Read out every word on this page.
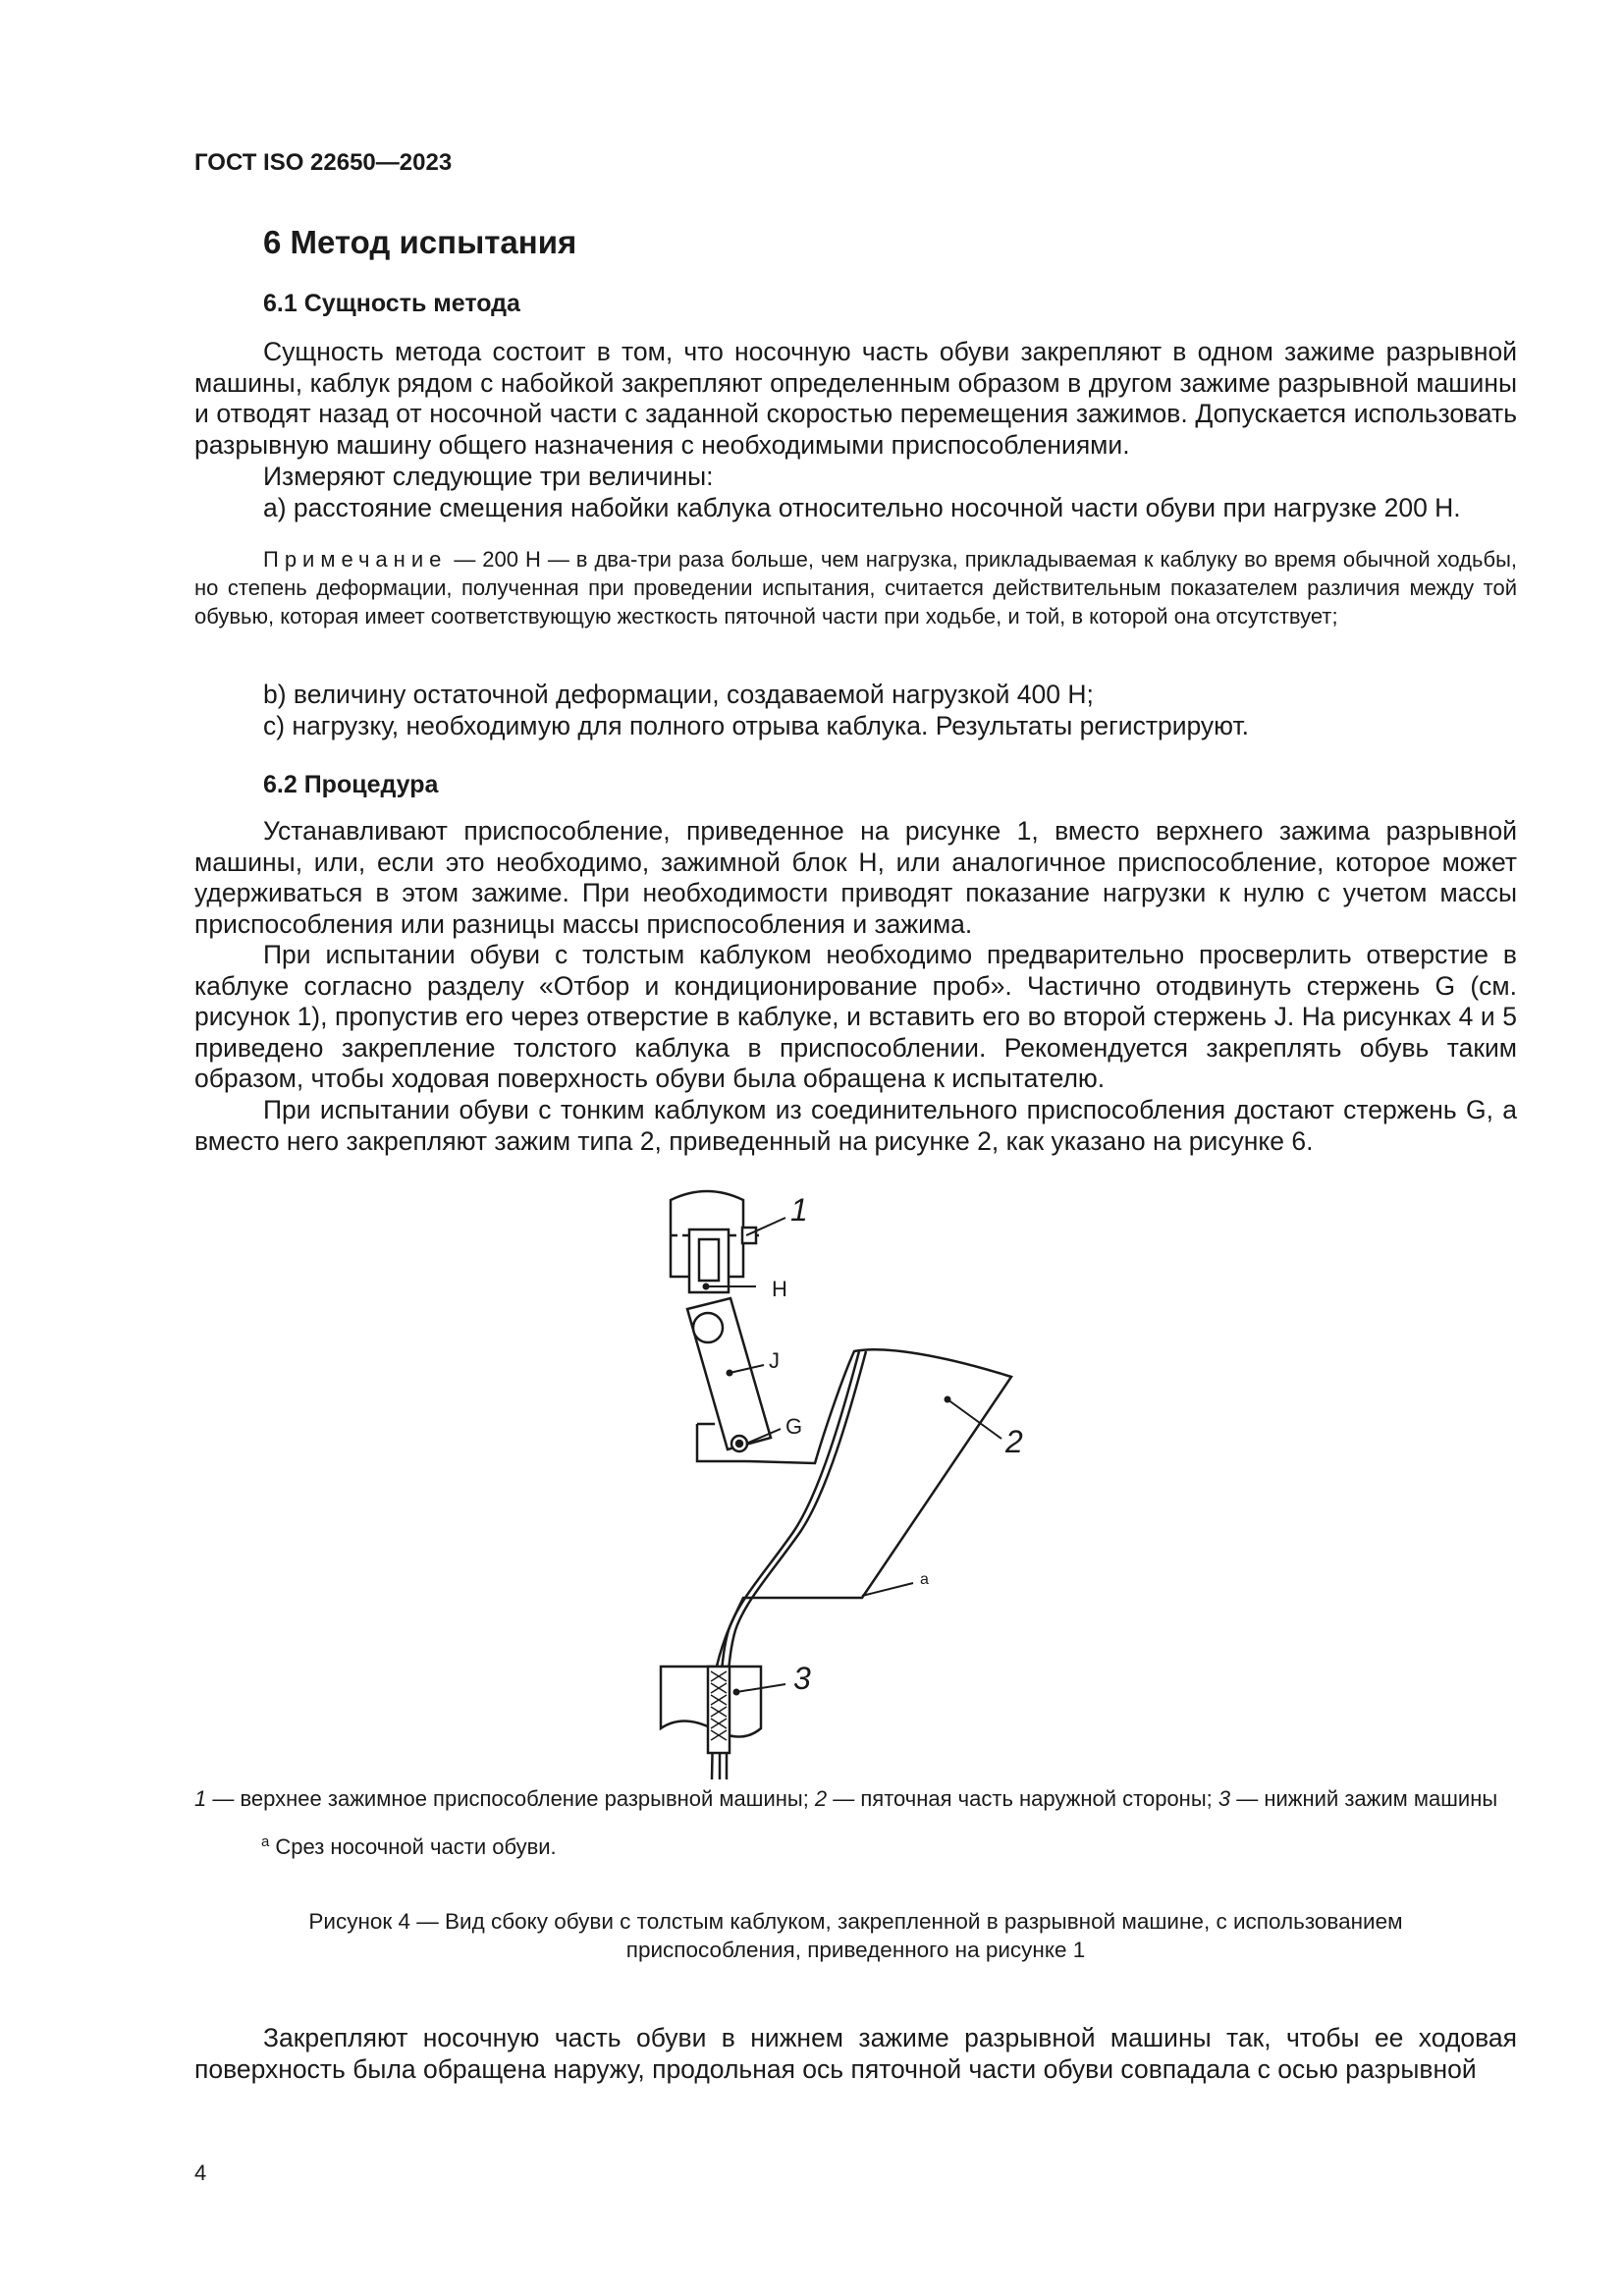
ГОСТ ISO 22650—2023
6 Метод испытания
6.1 Сущность метода

Сущность метода состоит в том, что носочную часть обуви закрепляют в одном зажиме разрывной машины, каблук рядом с набойкой закрепляют определенным образом в другом зажиме разрывной машины и отводят назад от носочной части с заданной скоростью перемещения зажимов. Допускается использовать разрывную машину общего назначения с необходимыми приспособлениями.

Измеряют следующие три величины:

a) расстояние смещения набойки каблука относительно носочной части обуви при нагрузке 200 Н.

Примечание — 200 Н — в два-три раза больше, чем нагрузка, прикладываемая к каблуку во время обычной ходьбы, но степень деформации, полученная при проведении испытания, считается действительным показателем различия между той обувью, которая имеет соответствующую жесткость пяточной части при ходьбе, и той, в которой она отсутствует;

b) величину остаточной деформации, создаваемой нагрузкой 400 Н;

c) нагрузку, необходимую для полного отрыва каблука. Результаты регистрируют.

6.2 Процедура

Устанавливают приспособление, приведенное на рисунке 1, вместо верхнего зажима разрывной машины, или, если это необходимо, зажимной блок Н, или аналогичное приспособление, которое может удерживаться в этом зажиме. При необходимости приводят показание нагрузки к нулю с учетом массы приспособления или разницы массы приспособления и зажима.

При испытании обуви с толстым каблуком необходимо предварительно просверлить отверстие в каблуке согласно разделу «Отбор и кондиционирование проб». Частично отодвинуть стержень G (см. рисунок 1), пропустив его через отверстие в каблуке, и вставить его во второй стержень J. На рисунках 4 и 5 приведено закрепление толстого каблука в приспособлении. Рекомендуется закреплять обувь таким образом, чтобы ходовая поверхность обуви была обращена к испытателю.

При испытании обуви с тонким каблуком из соединительного приспособления достают стержень G, а вместо него закрепляют зажим типа 2, приведенный на рисунке 2, как указано на рисунке 6.

1
H
J
G	2
a
3
1 — верхнее зажимное приспособление разрывной машины; 2 — пяточная часть наружной стороны; 3 — нижний зажим машины
$^a$ Срез носочной части обуви.
Рисунок 4 — Вид сбоку обуви с толстым каблуком, закрепленной в разрывной машине, с использованием
приспособления, приведенного на рисунке 1

Закрепляют носочную часть обуви в нижнем зажиме разрывной машины так, чтобы ее ходовая поверхность была обращена наружу, продольная ось пяточной части обуви совпадала с осью разрывной

4
